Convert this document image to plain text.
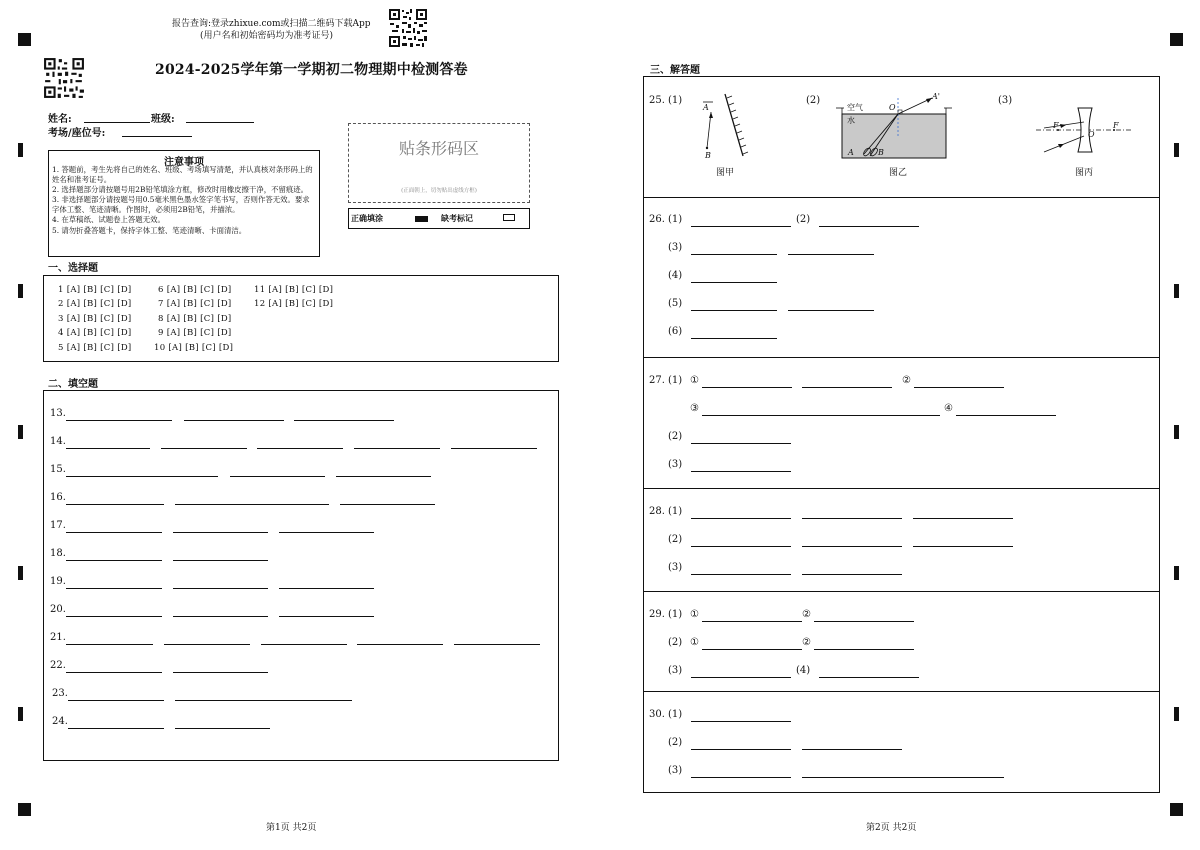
报告查询:登录zhixue.com或扫描二维码下载App
(用户名和初始密码均为准考证号)
2024-2025学年第一学期初二物理期中检测答卷
姓名:	班级:
考场/座位号:
贴条形码区
(正面朝上，切勿贴出虚线方框)
正确填涂	缺考标记
注意事项
1. 答题前，考生先将自己的姓名、班级、考场填写清楚，并认真核对条形码上的姓名和准考证号。
2. 选择题部分请按题号用2B铅笔填涂方框，修改时用橡皮擦干净，不留痕迹。
3. 非选择题部分请按题号用0.5毫米黑色墨水签字笔书写，否则作答无效。要求字体工整、笔迹清晰。作图时，必须用2B铅笔，并描浓。
4. 在草稿纸、试题卷上答题无效。
5. 请勿折叠答题卡，保持字体工整、笔迹清晰、卡面清洁。
一、选择题
1 [A] [B] [C] [D]
2 [A] [B] [C] [D]
3 [A] [B] [C] [D]
4 [A] [B] [C] [D]
5 [A] [B] [C] [D]
6 [A] [B] [C] [D]
7 [A] [B] [C] [D]
8 [A] [B] [C] [D]
9 [A] [B] [C] [D]
10 [A] [B] [C] [D]
11 [A] [B] [C] [D]
12 [A] [B] [C] [D]
二、填空题
13.
14.
15.
16.
17.
18.
19.
20.
21.
22.
23.
24.
三、解答题
25. (1)	(2)	(3)
A
B
图甲
空气
水
O
A'
A	B
图乙
F	F
O
图丙
26. (1)	(2)
(3)
(4)
(5)
(6)
27. (1) ①	②
③	④
(2)
(3)
28. (1)
(2)
(3)
29. (1) ①	②
(2) ①	②
(3)	(4)
30. (1)
(2)
(3)
第1页 共2页	第2页 共2页
